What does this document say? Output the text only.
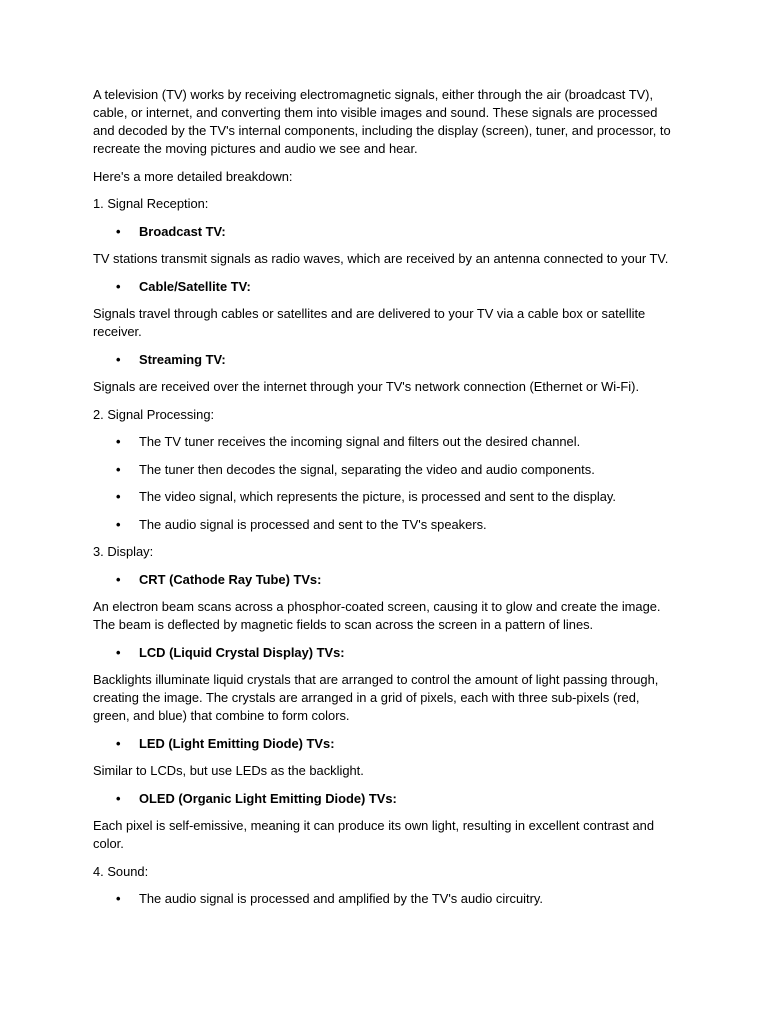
A television (TV) works by receiving electromagnetic signals, either through the air (broadcast TV), cable, or internet, and converting them into visible images and sound. These signals are processed and decoded by the TV's internal components, including the display (screen), tuner, and processor, to recreate the moving pictures and audio we see and hear.

Here's a more detailed breakdown:

1. Signal Reception:

• Broadcast TV:

TV stations transmit signals as radio waves, which are received by an antenna connected to your TV.

• Cable/Satellite TV:

Signals travel through cables or satellites and are delivered to your TV via a cable box or satellite receiver.

• Streaming TV:

Signals are received over the internet through your TV's network connection (Ethernet or Wi-Fi).

2. Signal Processing:

• The TV tuner receives the incoming signal and filters out the desired channel.
• The tuner then decodes the signal, separating the video and audio components.
• The video signal, which represents the picture, is processed and sent to the display.
• The audio signal is processed and sent to the TV's speakers.

3. Display:

• CRT (Cathode Ray Tube) TVs:

An electron beam scans across a phosphor-coated screen, causing it to glow and create the image. The beam is deflected by magnetic fields to scan across the screen in a pattern of lines.

• LCD (Liquid Crystal Display) TVs:

Backlights illuminate liquid crystals that are arranged to control the amount of light passing through, creating the image. The crystals are arranged in a grid of pixels, each with three sub-pixels (red, green, and blue) that combine to form colors.

• LED (Light Emitting Diode) TVs:

Similar to LCDs, but use LEDs as the backlight.

• OLED (Organic Light Emitting Diode) TVs:

Each pixel is self-emissive, meaning it can produce its own light, resulting in excellent contrast and color.

4. Sound:

• The audio signal is processed and amplified by the TV's audio circuitry.
